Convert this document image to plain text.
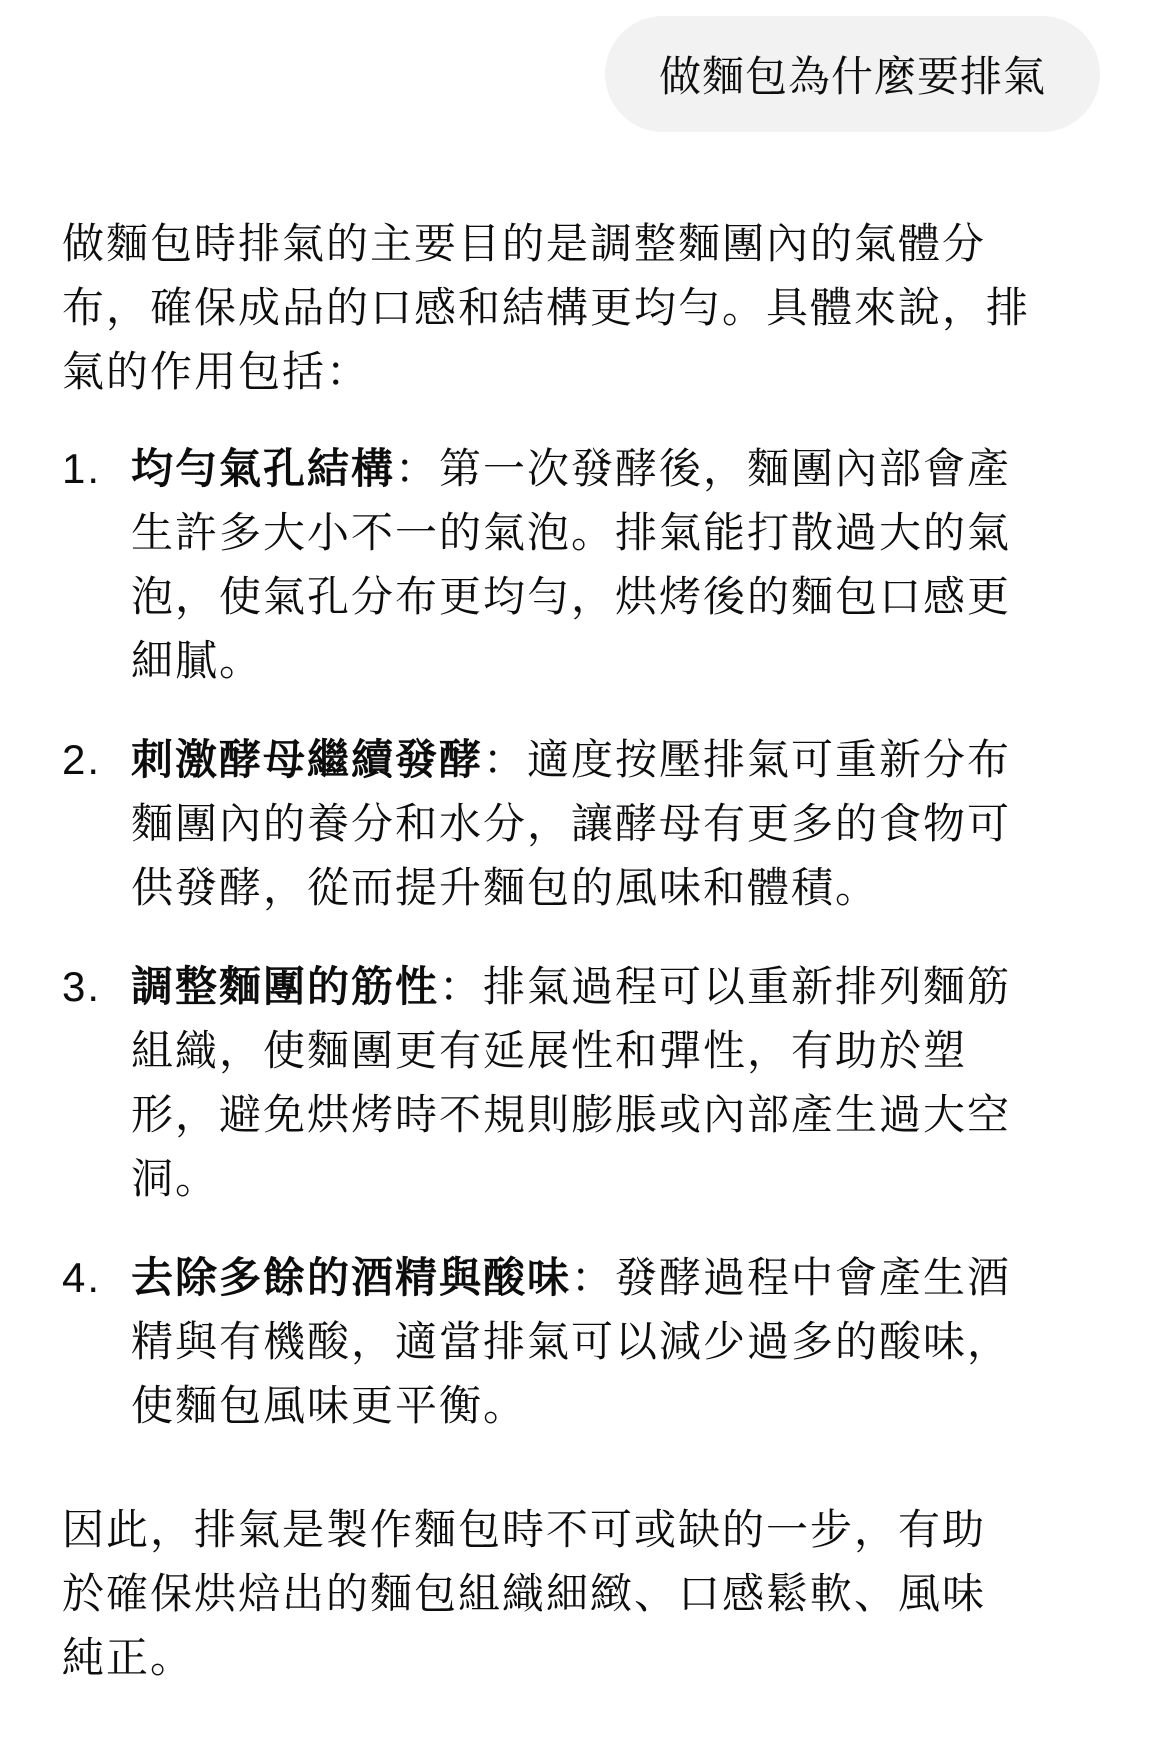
做麵包為什麼要排氣

做麵包時排氣的主要目的是調整麵團內的氣體分布，確保成品的口感和結構更均勻。具體來說，排氣的作用包括：

1. 均勻氣孔結構：第一次發酵後，麵團內部會產生許多大小不一的氣泡。排氣能打散過大的氣泡，使氣孔分布更均勻，烘烤後的麵包口感更細膩。
2. 刺激酵母繼續發酵：適度按壓排氣可重新分布麵團內的養分和水分，讓酵母有更多的食物可供發酵，從而提升麵包的風味和體積。
3. 調整麵團的筋性：排氣過程可以重新排列麵筋組織，使麵團更有延展性和彈性，有助於塑形，避免烘烤時不規則膨脹或內部產生過大空洞。
4. 去除多餘的酒精與酸味：發酵過程中會產生酒精與有機酸，適當排氣可以減少過多的酸味，使麵包風味更平衡。

因此，排氣是製作麵包時不可或缺的一步，有助於確保烘焙出的麵包組織細緻、口感鬆軟、風味純正。
